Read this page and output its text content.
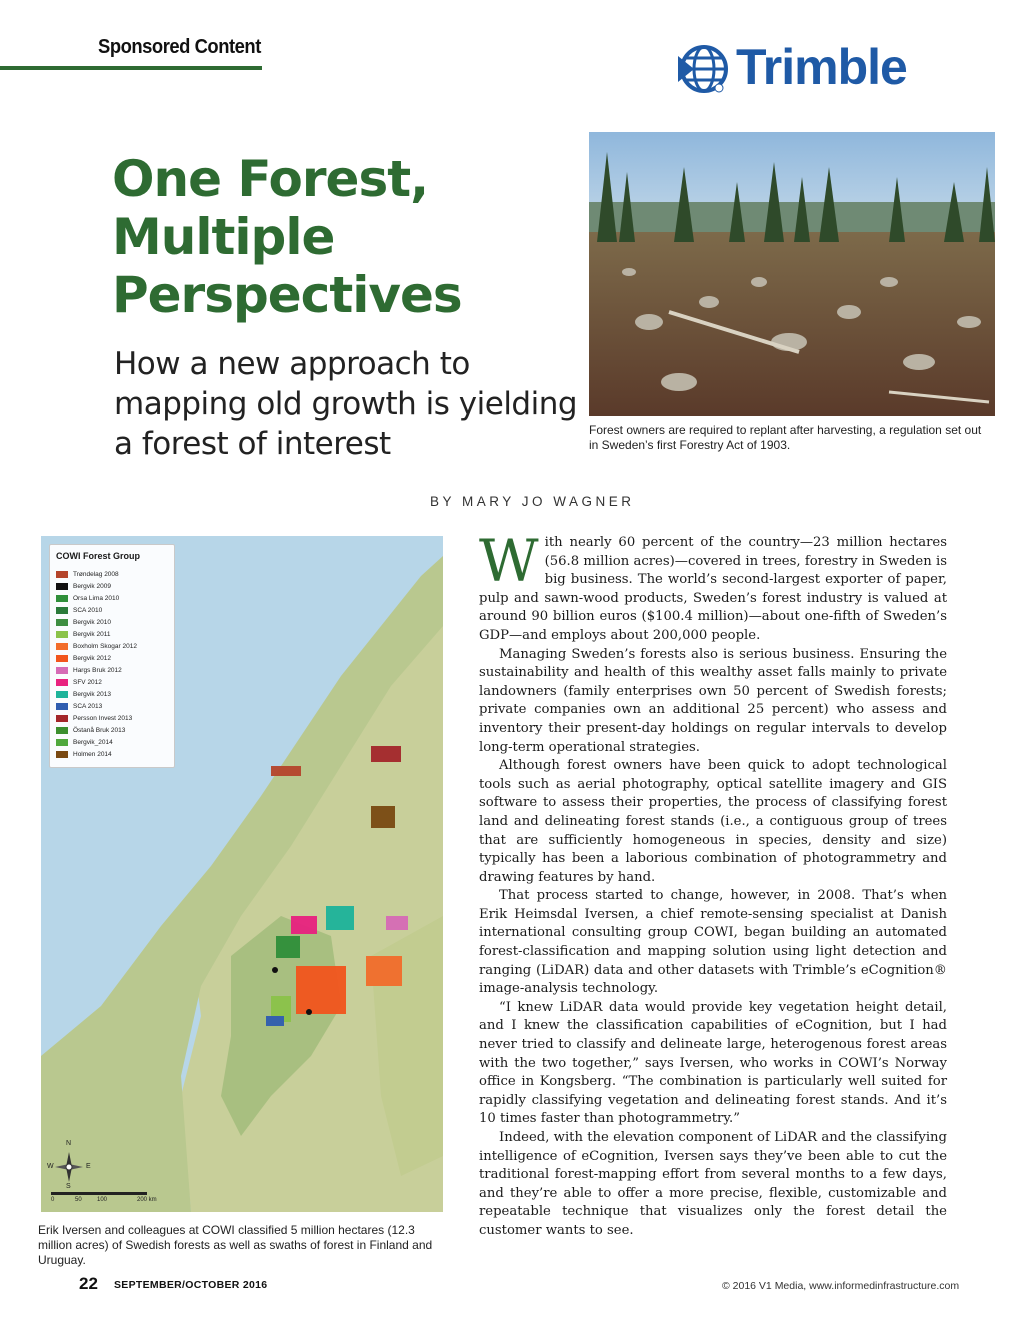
Sponsored Content	Trimble
One Forest,
Multiple
Perspectives
How a new approach to
mapping old growth is yielding
a forest of interest	Forest owners are required to replant after harvesting, a regulation set out in Sweden’s first Forestry Act of 1903.
BY MARY JO WAGNER
COWI Forest Group
Trøndelag 2008
Bergvik 2009
Orsa Lima 2010
SCA 2010
Bergvik 2010
Bergvik 2011
Boxholm Skogar 2012
Bergvik 2012
Hargs Bruk 2012
SFV 2012
Bergvik 2013
SCA 2013
Persson Invest 2013
Östanå Bruk 2013
Bergvik_2014
Holmen 2014
N
W	E
S
0	50	100	200 km
Erik Iversen and colleagues at COWI classified 5 million hectares (12.3 million acres) of Swedish forests as well as swaths of forest in Finland and Uruguay.

With nearly 60 percent of the country—23 million hectares (56.8 million acres)—covered in trees, forestry in Sweden is big business. The world’s second-largest exporter of paper, pulp and sawn-wood products, Sweden’s forest industry is valued at around 90 billion euros ($100.4 million)—about one-fifth of Sweden’s GDP—and employs about 200,000 people.

Managing Sweden’s forests also is serious business. Ensuring the sustainability and health of this wealthy asset falls mainly to private landowners (family enterprises own 50 percent of Swedish forests; private companies own an additional 25 percent) who assess and inventory their present-day holdings on regular intervals to develop long-term operational strategies.

Although forest owners have been quick to adopt technological tools such as aerial photography, optical satellite imagery and GIS software to assess their properties, the process of classifying forest land and delineating forest stands (i.e., a contiguous group of trees that are sufficiently homogeneous in species, density and size) typically has been a laborious combination of photogrammetry and drawing features by hand.

That process started to change, however, in 2008. That’s when Erik Heimsdal Iversen, a chief remote-sensing specialist at Danish international consulting group COWI, began building an automated forest-classification and mapping solution using light detection and ranging (LiDAR) data and other datasets with Trimble’s eCognition® image-analysis technology.

“I knew LiDAR data would provide key vegetation height detail, and I knew the classification capabilities of eCognition, but I had never tried to classify and delineate large, heterogenous forest areas with the two together,” says Iversen, who works in COWI’s Norway office in Kongsberg. “The combination is particularly well suited for rapidly classifying vegetation and delineating forest stands. And it’s 10 times faster than photogrammetry.”

Indeed, with the elevation component of LiDAR and the classifying intelligence of eCognition, Iversen says they’ve been able to cut the traditional forest-mapping effort from several months to a few days, and they’re able to offer a more precise, flexible, customizable and repeatable technique that visualizes only the forest detail the customer wants to see.

22 SEPTEMBER/OCTOBER 2016	© 2016 V1 Media, www.informedinfrastructure.com
